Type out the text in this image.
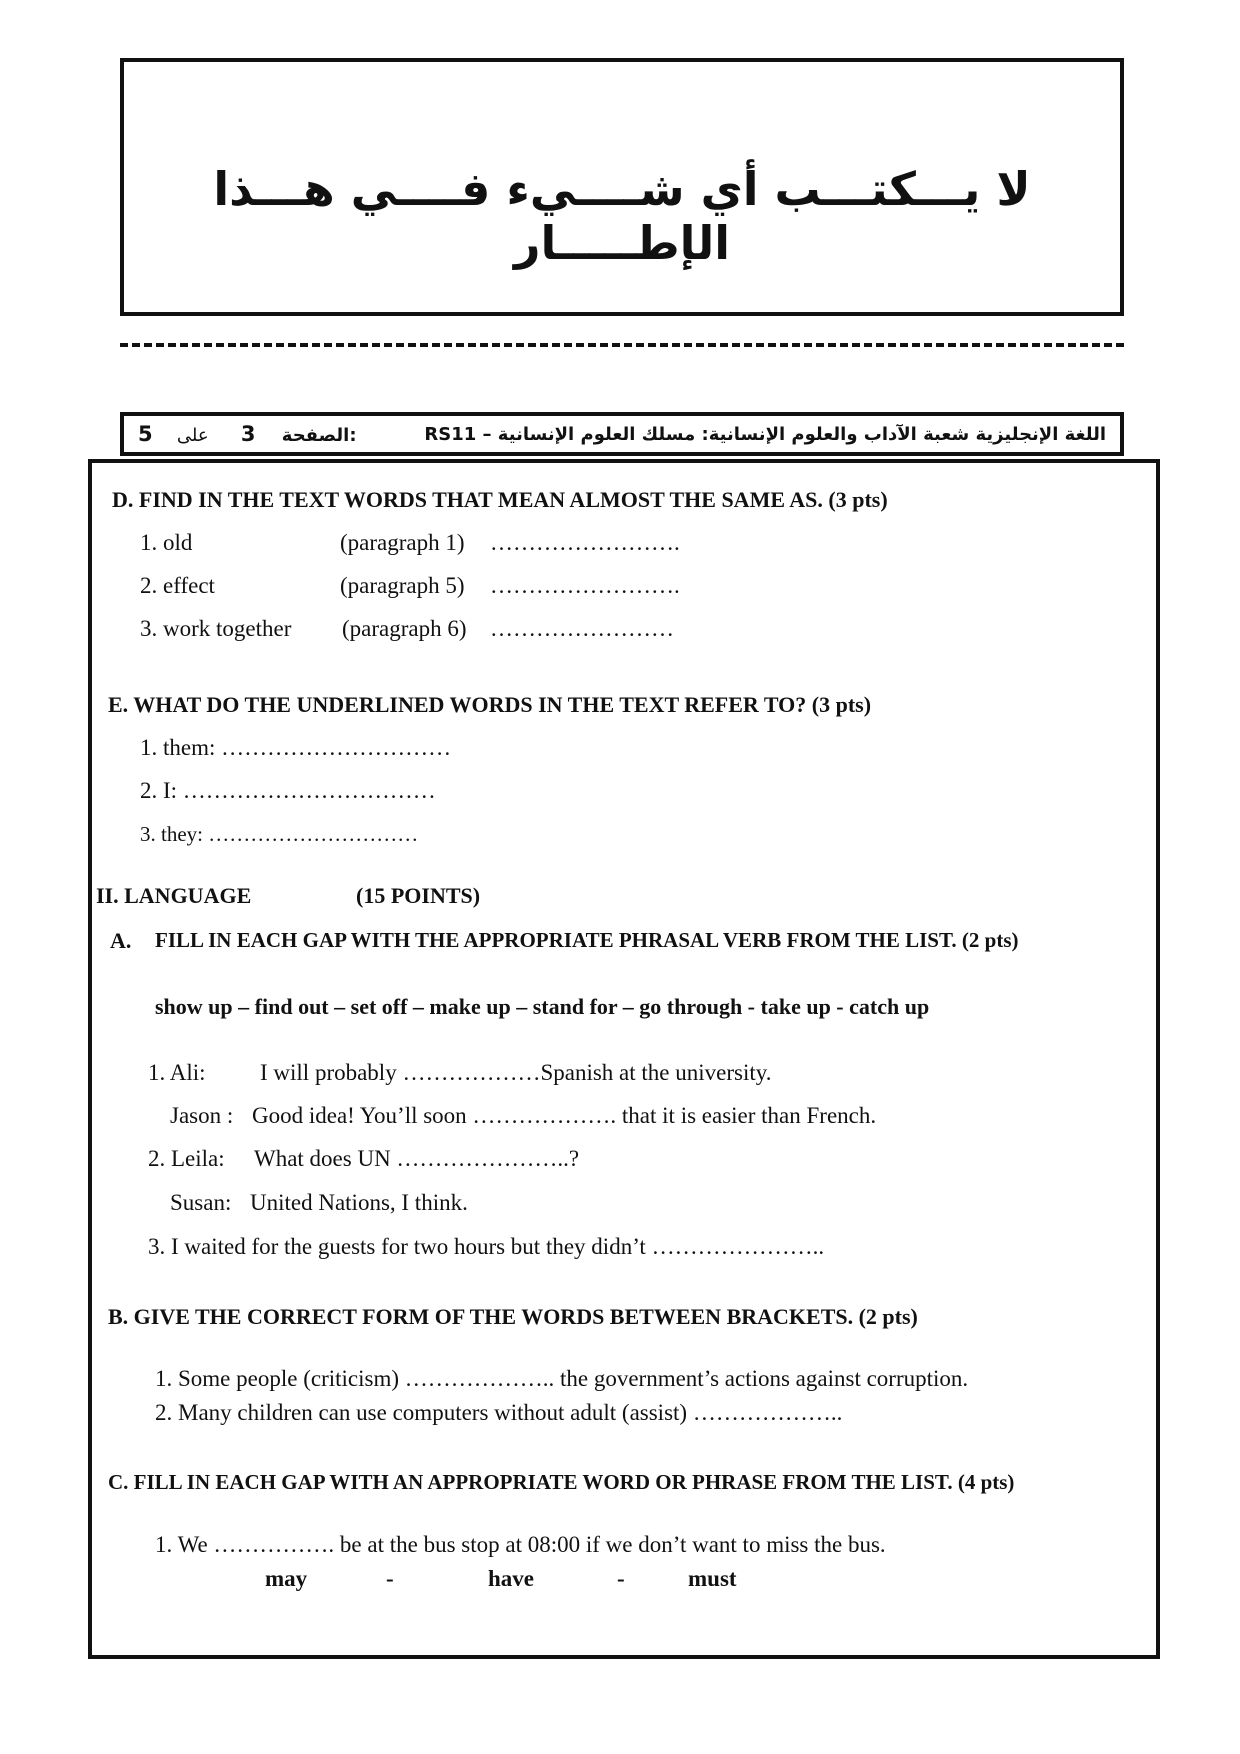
لا يـــكتـــب أي شــــيء فــــي هـــذا الإطـــــار
اللغة الإنجليزية شعبة الآداب والعلوم الإنسانية: مسلك العلوم الإنسانية – RS11
5 على 3 الصفحة:
D. FIND IN THE TEXT WORDS THAT MEAN ALMOST THE SAME AS. (3 pts)
1. old	(paragraph 1) …………………….
2. effect	(paragraph 5) …………………….
3. work together (paragraph 6) ……………………
E. WHAT DO THE UNDERLINED WORDS IN THE TEXT REFER TO? (3 pts)
1. them: …………………………
2. I: ……………………………
3. they: …………………………
II. LANGUAGE	(15 POINTS)
A. FILL IN EACH GAP WITH THE APPROPRIATE PHRASAL VERB FROM THE LIST. (2 pts)
show up – find out – set off – make up – stand for – go through - take up - catch up
1. Ali: I will probably ………………Spanish at the university.
Jason : Good idea! You’ll soon ………………. that it is easier than French.
2. Leila: What does UN …………………..?
Susan: United Nations, I think.
3. I waited for the guests for two hours but they didn’t …………………..
B. GIVE THE CORRECT FORM OF THE WORDS BETWEEN BRACKETS. (2 pts)
1. Some people (criticism) ……………….. the government’s actions against corruption.
2. Many children can use computers without adult (assist) ………………..
C. FILL IN EACH GAP WITH AN APPROPRIATE WORD OR PHRASE FROM THE LIST. (4 pts)
1. We ……………. be at the bus stop at 08:00 if we don’t want to miss the bus.
may	-	have	-	must
